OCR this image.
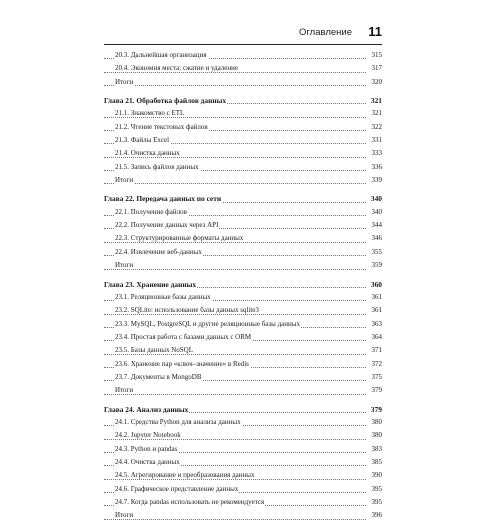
Оглавление 11
20.3. Дальнейшая организация	315
20.4. Экономия места: сжатие и удаление	317
Итоги	320
Глава 21. Обработка файлов данных	321
21.1. Знакомство с ETL	321
21.2. Чтение текстовых файлов	322
21.3. Файлы Excel	331
21.4. Очистка данных	333
21.5. Запись файлов данных	336
Итоги	339
Глава 22. Передача данных по сети	340
22.1. Получение файлов	340
22.2. Получение данных через API	344
22.3. Структурированные форматы данных	346
22.4. Извлечение веб-данных	355
Итоги	359
Глава 23. Хранение данных	360
23.1. Реляционные базы данных	361
23.2. SQLite: использование базы данных sqlite3	361
23.3. MySQL, PostgreSQL и другие реляционные базы данных	363
23.4. Простая работа с базами данных с ORM	364
23.5. Базы данных NoSQL	371
23.6. Хранение пар «ключ–значение» в Redis	372
23.7. Документы в MongoDB	375
Итоги	379
Глава 24. Анализ данных	379
24.1. Средства Python для анализа данных	380
24.2. Jupyter Notebook	380
24.3. Python и pandas	383
24.4. Очистка данных	385
24.5. Агрегирование и преобразования данных	390
24.6. Графическое представление данных	395
24.7. Когда pandas использовать не рекомендуется	395
Итоги	396
